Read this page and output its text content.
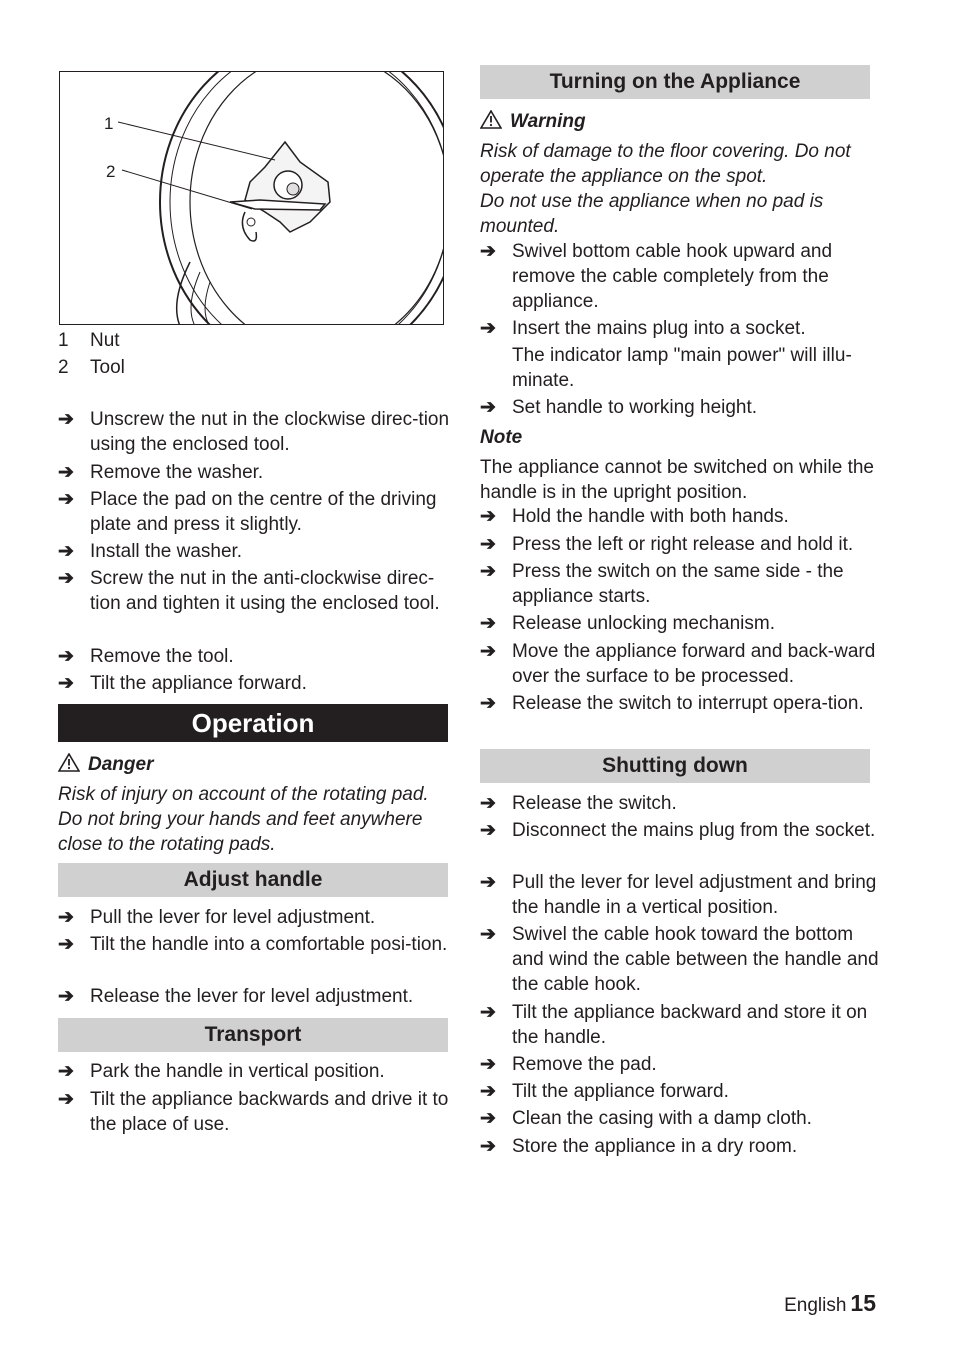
1
2
1 Nut
2 Tool
➔ Unscrew the nut in the clockwise direc-tion using the enclosed tool.
➔ Remove the washer.
➔ Place the pad on the centre of the driving plate and press it slightly.
➔ Install the washer.
➔ Screw the nut in the anti-clockwise direc-tion and tighten it using the enclosed tool.
➔ Remove the tool.
➔ Tilt the appliance forward.
Operation
Danger
Risk of injury on account of the rotating pad. Do not bring your hands and feet anywhere close to the rotating pads.
Adjust handle
➔ Pull the lever for level adjustment.
➔ Tilt the handle into a comfortable posi-tion.
➔ Release the lever for level adjustment.
Transport
➔ Park the handle in vertical position.
➔ Tilt the appliance backwards and drive it to the place of use.
Turning on the Appliance
Warning
Risk of damage to the floor covering. Do not operate the appliance on the spot.
Do not use the appliance when no pad is mounted.
➔ Swivel bottom cable hook upward and remove the cable completely from the appliance.
➔ Insert the mains plug into a socket.
The indicator lamp "main power" will illu-minate.
➔ Set handle to working height.
Note
The appliance cannot be switched on while the handle is in the upright position.
➔ Hold the handle with both hands.
➔ Press the left or right release and hold it.
➔ Press the switch on the same side - the appliance starts.
➔ Release unlocking mechanism.
➔ Move the appliance forward and back-ward over the surface to be processed.
➔ Release the switch to interrupt opera-tion.
Shutting down
➔ Release the switch.
➔ Disconnect the mains plug from the socket.
➔ Pull the lever for level adjustment and bring the handle in a vertical position.
➔ Swivel the cable hook toward the bottom and wind the cable between the handle and the cable hook.
➔ Tilt the appliance backward and store it on the handle.
➔ Remove the pad.
➔ Tilt the appliance forward.
➔ Clean the casing with a damp cloth.
➔ Store the appliance in a dry room.
English 15
